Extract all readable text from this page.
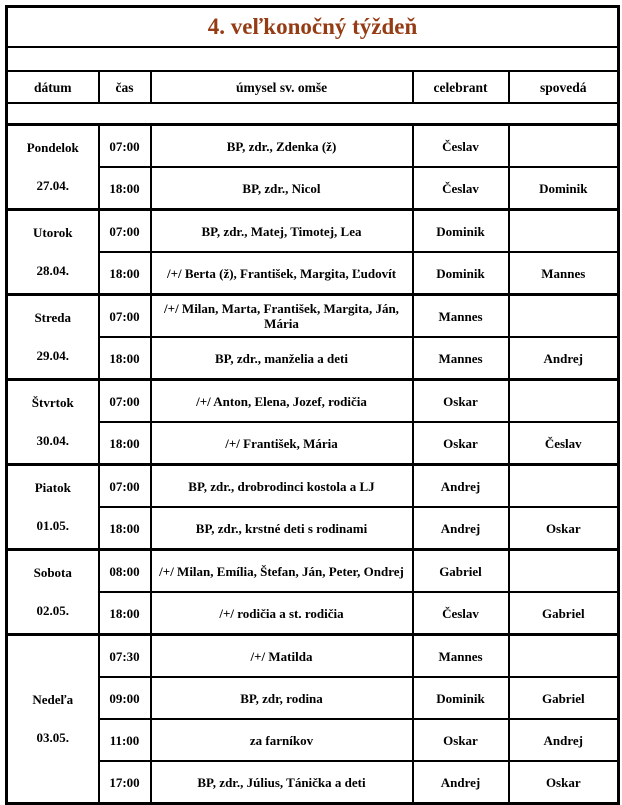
4. veľkonočný týždeň				

dátum	čas	úmysel sv. omše	celebrant	spovedá

Pondelok
27.04.	07:00	BP, zdr., Zdenka (ž)	Česlav	
	18:00	BP, zdr., Nicol	Česlav	Dominik

Utorok
28.04.	07:00	BP, zdr., Matej, Timotej, Lea	Dominik	
	18:00	/+/ Berta (ž), František, Margita, Ľudovít	Dominik	Mannes

Streda
29.04.	07:00	/+/ Milan, Marta, František, Margita, Ján, Mária	Mannes	
	18:00	BP, zdr., manželia a deti	Mannes	Andrej

Štvrtok
30.04.	07:00	/+/ Anton, Elena, Jozef, rodičia	Oskar	
	18:00	/+/ František, Mária	Oskar	Česlav

Piatok
01.05.	07:00	BP, zdr., drobrodinci kostola a LJ	Andrej	
	18:00	BP, zdr., krstné deti s rodinami	Andrej	Oskar

Sobota
02.05.	08:00	/+/ Milan, Emília, Štefan, Ján, Peter, Ondrej	Gabriel	
	18:00	/+/ rodičia a st. rodičia	Česlav	Gabriel

Nedeľa
03.05.	07:30	/+/ Matilda	Mannes	
	09:00	BP, zdr, rodina	Dominik	Gabriel
	11:00	za farníkov	Oskar	Andrej
	17:00	BP, zdr., Július, Tánička a deti	Andrej	Oskar
